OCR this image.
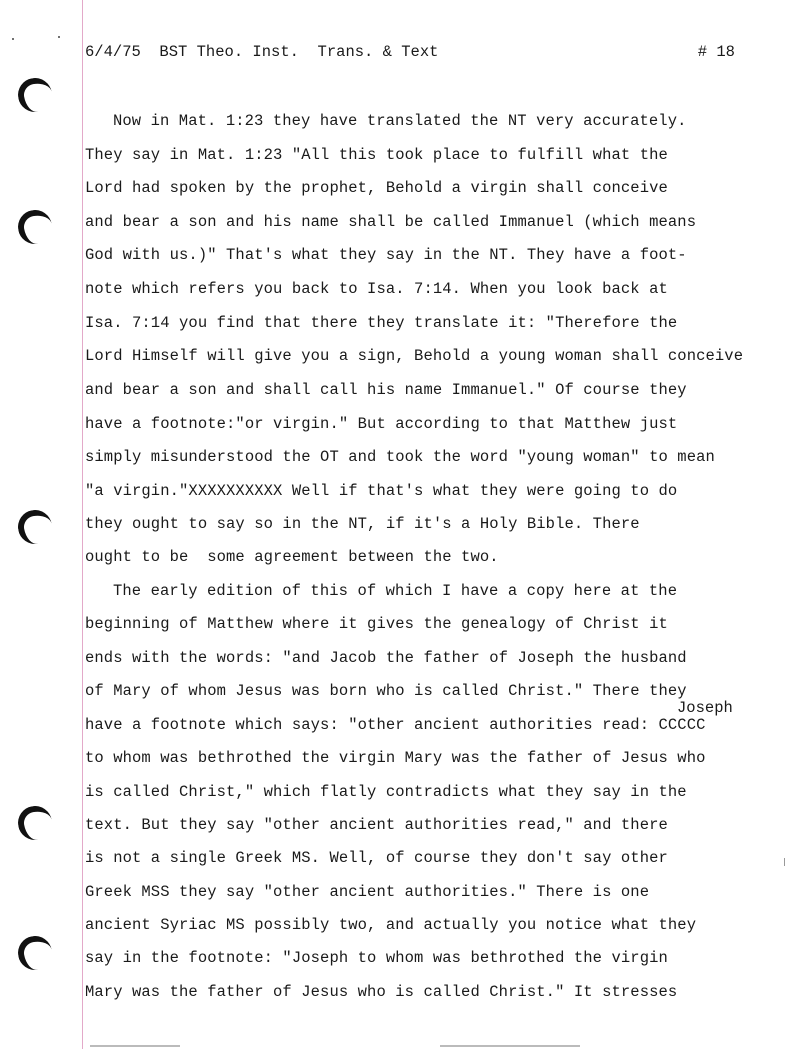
6/4/75  BST Theo. Inst.  Trans. & Text

	# 18

Now in Mat. 1:23 they have translated the NT very accurately.
They say in Mat. 1:23 "All this took place to fulfill what the
Lord had spoken by the prophet, Behold a virgin shall conceive
and bear a son and his name shall be called Immanuel (which means
God with us.)" That's what they say in the NT. They have a foot-
note which refers you back to Isa. 7:14. When you look back at
Isa. 7:14 you find that there they translate it: "Therefore the
Lord Himself will give you a sign, Behold a young woman shall conceive
and bear a son and shall call his name Immanuel." Of course they
have a footnote:"or virgin." But according to that Matthew just
simply misunderstood the OT and took the word "young woman" to mean
"a virgin."XXXXXXXXXX Well if that's what they were going to do
they ought to say so in the NT, if it's a Holy Bible. There
ought to be  some agreement between the two.
The early edition of this of which I have a copy here at the
beginning of Matthew where it gives the genealogy of Christ it
ends with the words: "and Jacob the father of Joseph the husband
of Mary of whom Jesus was born who is called Christ." There they
Joseph
have a footnote which says: "other ancient authorities read: CCCCC
to whom was bethrothed the virgin Mary was the father of Jesus who
is called Christ," which flatly contradicts what they say in the
text. But they say "other ancient authorities read," and there
is not a single Greek MS. Well, of course they don't say other
Greek MSS they say "other ancient authorities." There is one
ancient Syriac MS possibly two, and actually you notice what they
say in the footnote: "Joseph to whom was bethrothed the virgin
Mary was the father of Jesus who is called Christ." It stresses
